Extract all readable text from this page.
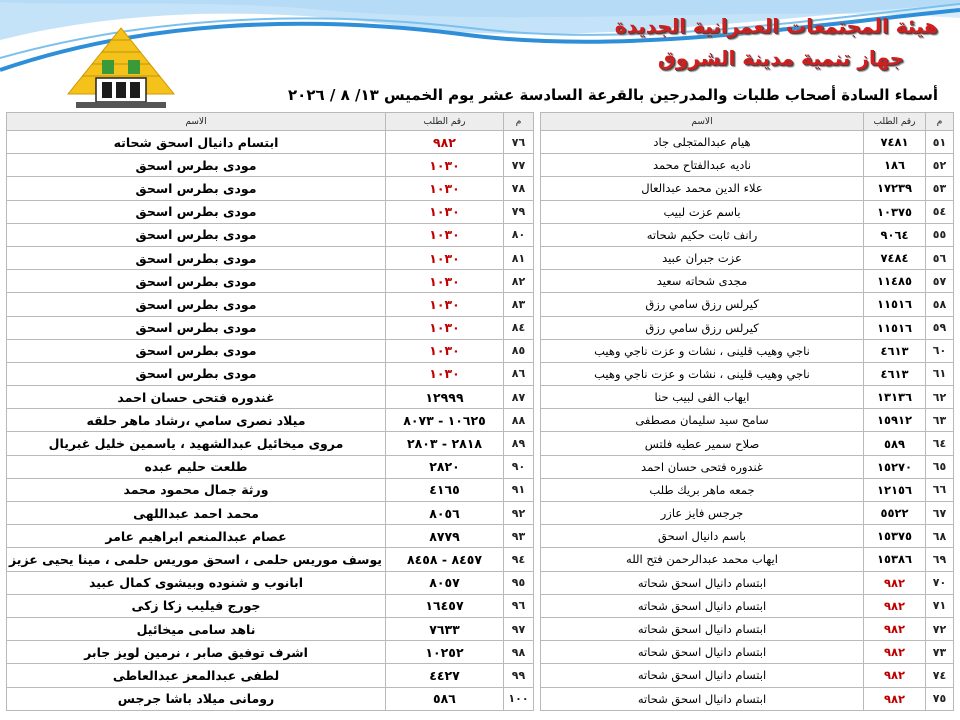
هيئة المجتمعات العمرانية الجديدة
جهاز تنمية مدينة الشروق
أسماء السادة أصحاب طلبات والمدرجين بالقرعة السادسة عشر يوم الخميس ١٣/ ٨ / ٢٠٢٦
م	رقم الطلب	الاسم
٥١	٧٤٨١	هيام عبدالمتجلى جاد
٥٢	١٨٦	ناديه عبدالفتاح محمد
٥٣	١٧٢٣٩	علاء الدين محمد عبدالعال
٥٤	١٠٣٧٥	باسم عزت لبيب
٥٥	٩٠٦٤	رانف ثابت حكيم شحاته
٥٦	٧٤٨٤	عزت جبران عبيد
٥٧	١١٤٨٥	مجدى شحاته سعيد
٥٨	١١٥١٦	كيرلس رزق سامي رزق
٥٩	١١٥١٦	كيرلس رزق سامي رزق
٦٠	٤٦١٣	ناجي وهيب قلينى ، نشات و عزت ناجي وهيب
٦١	٤٦١٣	ناجي وهيب قلينى ، نشات و عزت ناجي وهيب
٦٢	١٣١٣٦	ايهاب الفى لبيب حنا
٦٣	١٥٩١٢	سامح سيد سليمان مصطفى
٦٤	٥٨٩	صلاح سمير عطيه فلتس
٦٥	١٥٢٧٠	غندوره فتحى حسان احمد
٦٦	١٢١٥٦	جمعه ماهر بريك طلب
٦٧	٥٥٢٢	جرجس فايز عازر
٦٨	١٥٣٧٥	باسم دانيال اسحق
٦٩	١٥٣٨٦	ايهاب محمد عبدالرحمن فتح الله
٧٠	٩٨٢	ابتسام دانيال اسحق شحاته
٧١	٩٨٢	ابتسام دانيال اسحق شحاته
٧٢	٩٨٢	ابتسام دانيال اسحق شحاته
٧٣	٩٨٢	ابتسام دانيال اسحق شحاته
٧٤	٩٨٢	ابتسام دانيال اسحق شحاته
٧٥	٩٨٢	ابتسام دانيال اسحق شحاته
م	رقم الطلب	الاسم
٧٦	٩٨٢	ابتسام دانيال اسحق شحاته
٧٧	١٠٣٠	مودى بطرس اسحق
٧٨	١٠٣٠	مودى بطرس اسحق
٧٩	١٠٣٠	مودى بطرس اسحق
٨٠	١٠٣٠	مودى بطرس اسحق
٨١	١٠٣٠	مودى بطرس اسحق
٨٢	١٠٣٠	مودى بطرس اسحق
٨٣	١٠٣٠	مودى بطرس اسحق
٨٤	١٠٣٠	مودى بطرس اسحق
٨٥	١٠٣٠	مودى بطرس اسحق
٨٦	١٠٣٠	مودى بطرس اسحق
٨٧	١٢٩٩٩	غندوره فتحى حسان احمد
٨٨	١٠٦٢٥ - ٨٠٧٣	ميلاد نصرى سامي ،رشاد ماهر حلقه
٨٩	٢٨١٨ - ٢٨٠٣	مروى ميخائيل عبدالشهيد ، ياسمين خليل غبريال
٩٠	٢٨٢٠	طلعت حليم عبده
٩١	٤١٦٥	ورثة جمال محمود محمد
٩٢	٨٠٥٦	محمد احمد عبداللهى
٩٣	٨٧٧٩	عصام عبدالمنعم ابراهيم عامر
٩٤	٨٤٥٧ - ٨٤٥٨	يوسف موريس حلمى ، اسحق موريس حلمى ، مينا يحيى عزيز
٩٥	٨٠٥٧	ابانوب و شنوده وبيشوى كمال عبيد
٩٦	١٦٤٥٧	جورج فيليب زكا زكى
٩٧	٧٦٣٣	ناهد سامى ميخائيل
٩٨	١٠٢٥٢	اشرف توفيق صابر ، نرمين لويز جابر
٩٩	٤٤٢٧	لطفى عبدالمعز عبدالعاطى
١٠٠	٥٨٦	رومانى ميلاد باشا جرجس
